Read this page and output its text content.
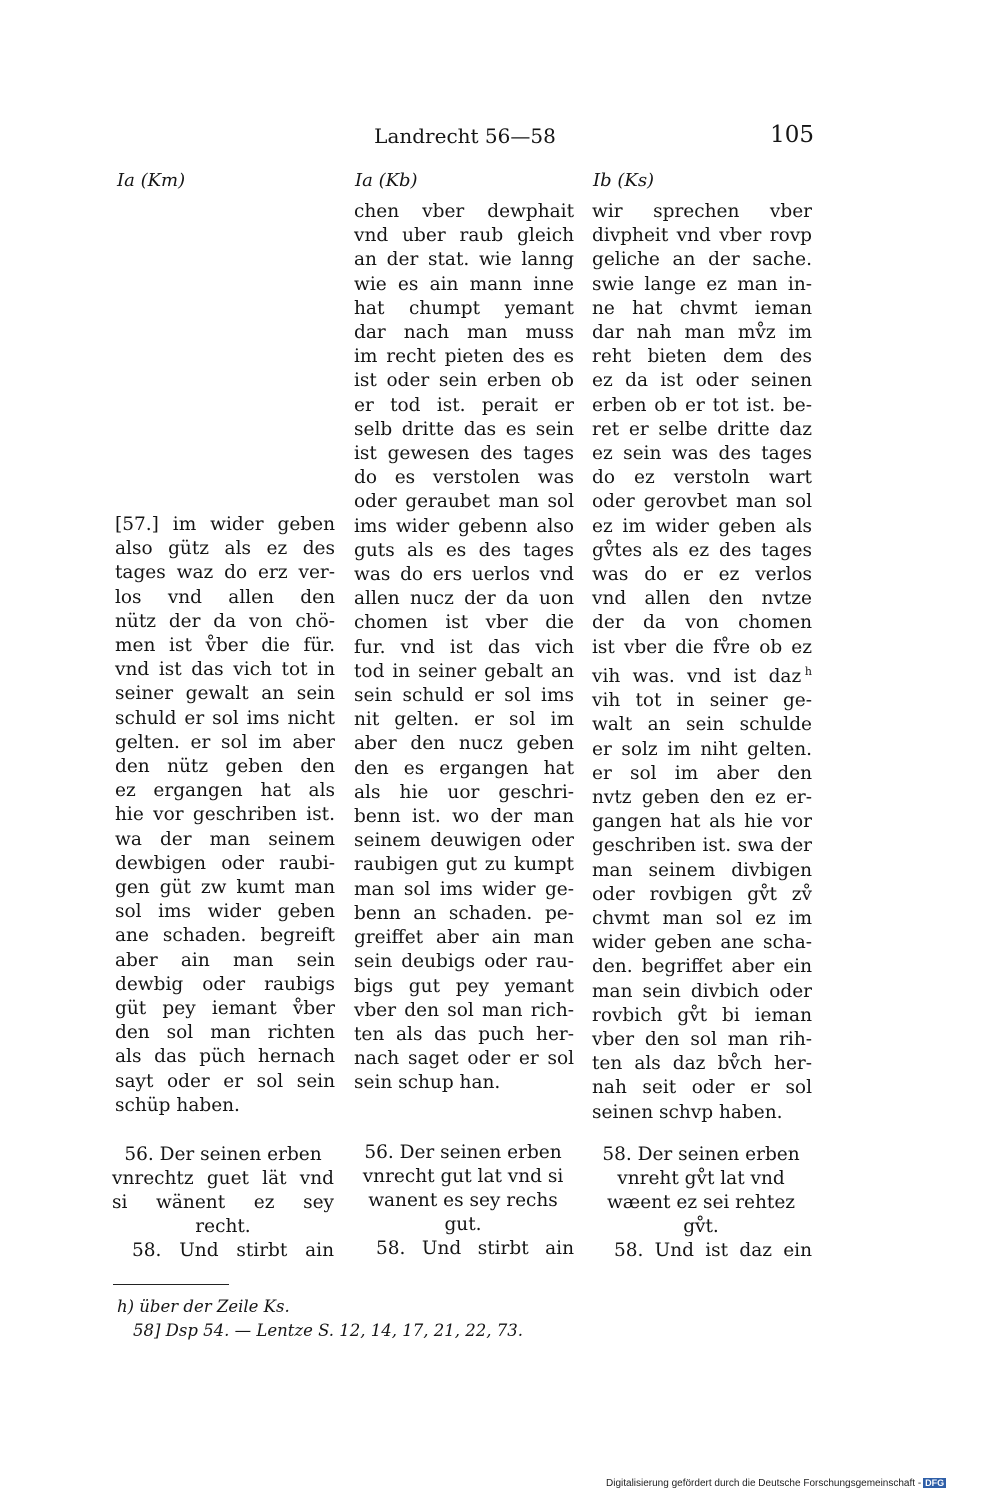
Landrecht 56—58	105
Ia (Km)	Ia (Kb)	Ib (Ks)
[57.] im wider geben
also gütz als ez des
tages waz do erz ver-
los vnd allen den
nütz der da von chö-
men ist v̊ber die für.
vnd ist das vich tot in
seiner gewalt an sein
schuld er sol ims nicht
gelten. er sol im aber
den nütz geben den
ez ergangen hat als
hie vor geschriben ist.
wa der man seinem
dewbigen oder raubi-
gen güt zw kumt man
sol ims wider geben
ane schaden. begreift
aber ain man sein
dewbig oder raubigs
güt pey iemant v̊ber
den sol man richten
als das püch hernach
sayt oder er sol sein
schüp haben.
chen vber dewphait
vnd uber raub gleich
an der stat. wie lanng
wie es ain mann inne
hat chumpt yemant
dar nach man muss
im recht pieten des es
ist oder sein erben ob
er tod ist. perait er
selb dritte das es sein
ist gewesen des tages
do es verstolen was
oder geraubet man sol
ims wider gebenn also
guts als es des tages
was do ers uerlos vnd
allen nucz der da uon
chomen ist vber die
fur. vnd ist das vich
tod in seiner gebalt an
sein schuld er sol ims
nit gelten. er sol im
aber den nucz geben
den es ergangen hat
als hie uor geschri-
benn ist. wo der man
seinem deuwigen oder
raubigen gut zu kumpt
man sol ims wider ge-
benn an schaden. pe-
greiffet aber ain man
sein deubigs oder rau-
bigs gut pey yemant
vber den sol man rich-
ten als das puch her-
nach saget oder er sol
sein schup han.
wir sprechen vber
divpheit vnd vber rovp
geliche an der sache.
swie lange ez man in-
ne hat chvmt ieman
dar nah man mv̊z im
reht bieten dem des
ez da ist oder seinen
erben ob er tot ist. be-
ret er selbe dritte daz
ez sein was des tages
do ez verstoln wart
oder gerovbet man sol
ez im wider geben als
gv̊tes als ez des tages
was do er ez verlos
vnd allen den nvtze
der da von chomen
ist vber die fv̊re ob ez
vih was. vnd ist daz  $^h$
vih tot in seiner ge-
walt an sein schulde
er solz im niht gelten.
er sol im aber den
nvtz geben den ez er-
gangen hat als hie vor
geschriben ist. swa der
man seinem divbigen
oder rovbigen gv̊t zv̊
chvmt man sol ez im
wider geben ane scha-
den. begriffet aber ein
man sein divbich oder
rovbich gv̊t bi ieman
vber den sol man rih-
ten als daz bv̊ch her-
nah seit oder er sol
seinen schvp haben.
56. Der seinen erben
vnrechtz guet lät vnd
si wänent ez sey
recht.
58. Und stirbt ain
56. Der seinen erben
vnrecht gut lat vnd si
wanent es sey rechs
gut.
58. Und stirbt ain
58. Der seinen erben
vnreht gv̊t lat vnd
wæent ez sei rehtez
gv̊t.
58. Und ist daz ein
h) über der Zeile Ks.
58] Dsp 54. — Lentze S. 12, 14, 17, 21, 22, 73.
Digitalisierung gefördert durch die Deutsche Forschungsgemeinschaft - DFG
